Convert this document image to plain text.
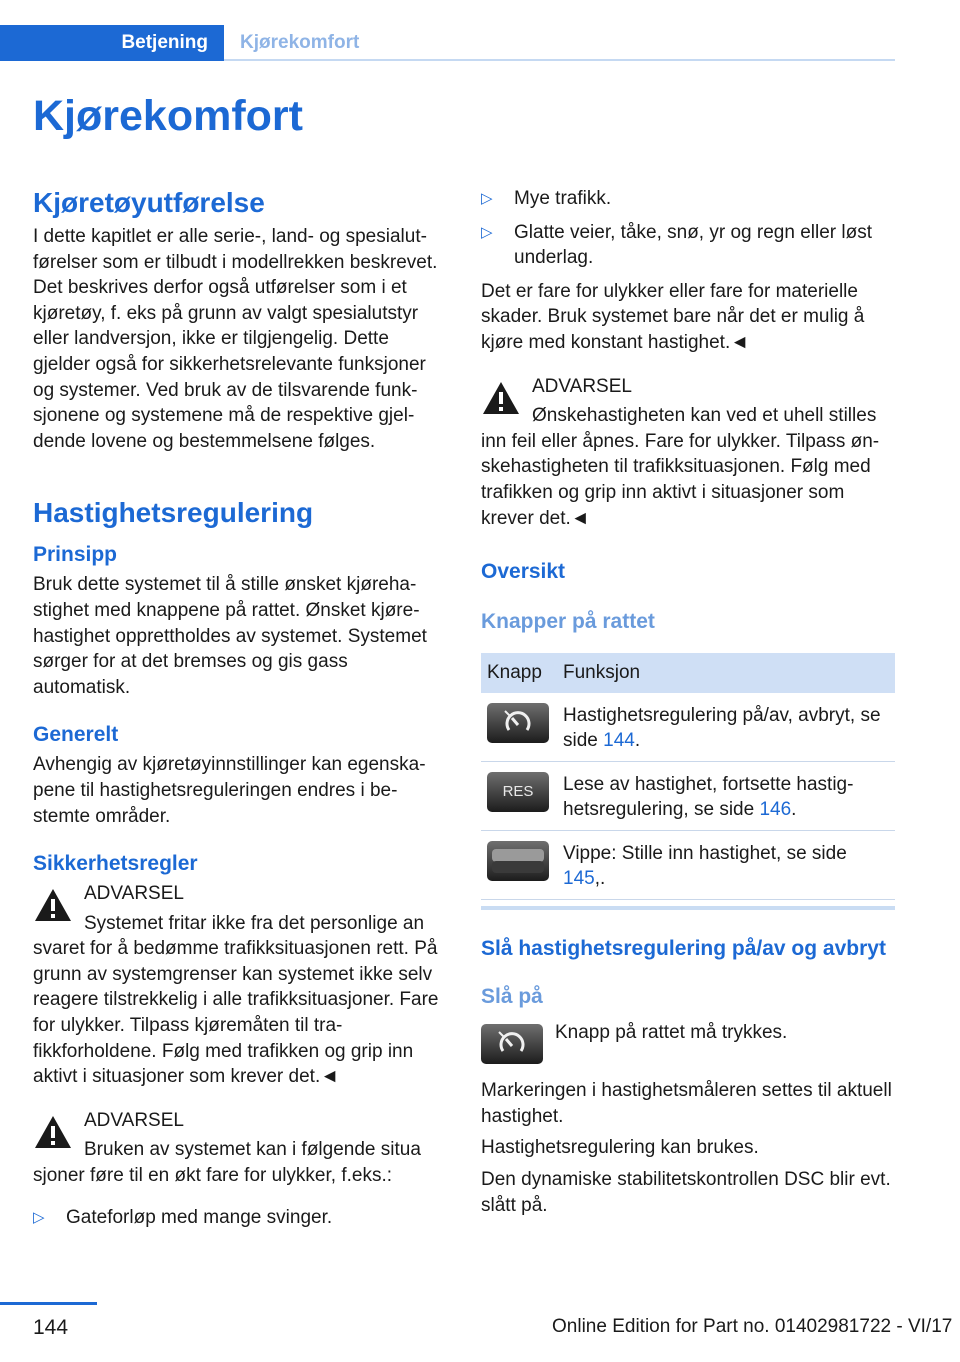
Betjening	Kjørekomfort
Kjørekomfort
Kjøretøyutførelse

I dette kapitlet er alle serie-, land- og spesialutførelser som er tilbudt i modellrekken beskrevet. Det beskrives derfor også utførelser som i et kjøretøy, f. eks på grunn av valgt spesialutstyr eller landversjon, ikke er tilgjengelig. Dette gjelder også for sikkerhetsrelevante funksjoner og systemer. Ved bruk av de tilsvarende funksjonene og systemene må de respektive gjeldende lovene og bestemmelsene følges.

Hastighetsregulering
Prinsipp

Bruk dette systemet til å stille ønsket kjørehastighet med knappene på rattet. Ønsket kjørehastighet opprettholdes av systemet. Systemet sørger for at det bremses og gis gass automatisk.

Generelt

Avhengig av kjøretøyinnstillinger kan egenskapene til hastighetsreguleringen endres i bestemte områder.

Sikkerhetsregler
ADVARSEL

Systemet fritar ikke fra det personlige an

svaret for å bedømme trafikksituasjonen rett. På grunn av systemgrenser kan systemet ikke selv reagere tilstrekkelig i alle trafikksituasjoner. Fare for ulykker. Tilpass kjøremåten til trafikkforholdene. Følg med trafikken og grip inn aktivt i situasjoner som krever det.◄

ADVARSEL

Bruken av systemet kan i følgende situa

sjoner føre til en økt fare for ulykker, f.eks.:

▷	Gateforløp med mange svinger.
▷	Mye trafikk.
▷	Glatte veier, tåke, snø, yr og regn eller løst underlag.

Det er fare for ulykker eller fare for materielle skader. Bruk systemet bare når det er mulig å kjøre med konstant hastighet.◄

ADVARSEL

Ønskehastigheten kan ved et uhell stilles

inn feil eller åpnes. Fare for ulykker. Tilpass ønskehastigheten til trafikksituasjonen. Følg med trafikken og grip inn aktivt i situasjoner som krever det.◄

Oversikt
Knapper på rattet
Knapp	Funksjon

	Hastighetsregulering på/av, avbryt, se side 144.

RES	Lese av hastighet, fortsette hastighetsregulering, se side 146.

	Vippe: Stille inn hastighet, se side 145,.
Slå hastighetsregulering på/av og avbryt
Slå på

Knapp på rattet må trykkes.

Markeringen i hastighetsmåleren settes til aktuell hastighet.

Hastighetsregulering kan brukes.

Den dynamiske stabilitetskontrollen DSC blir evt. slått på.

144	Online Edition for Part no. 01402981722 - VI/17
